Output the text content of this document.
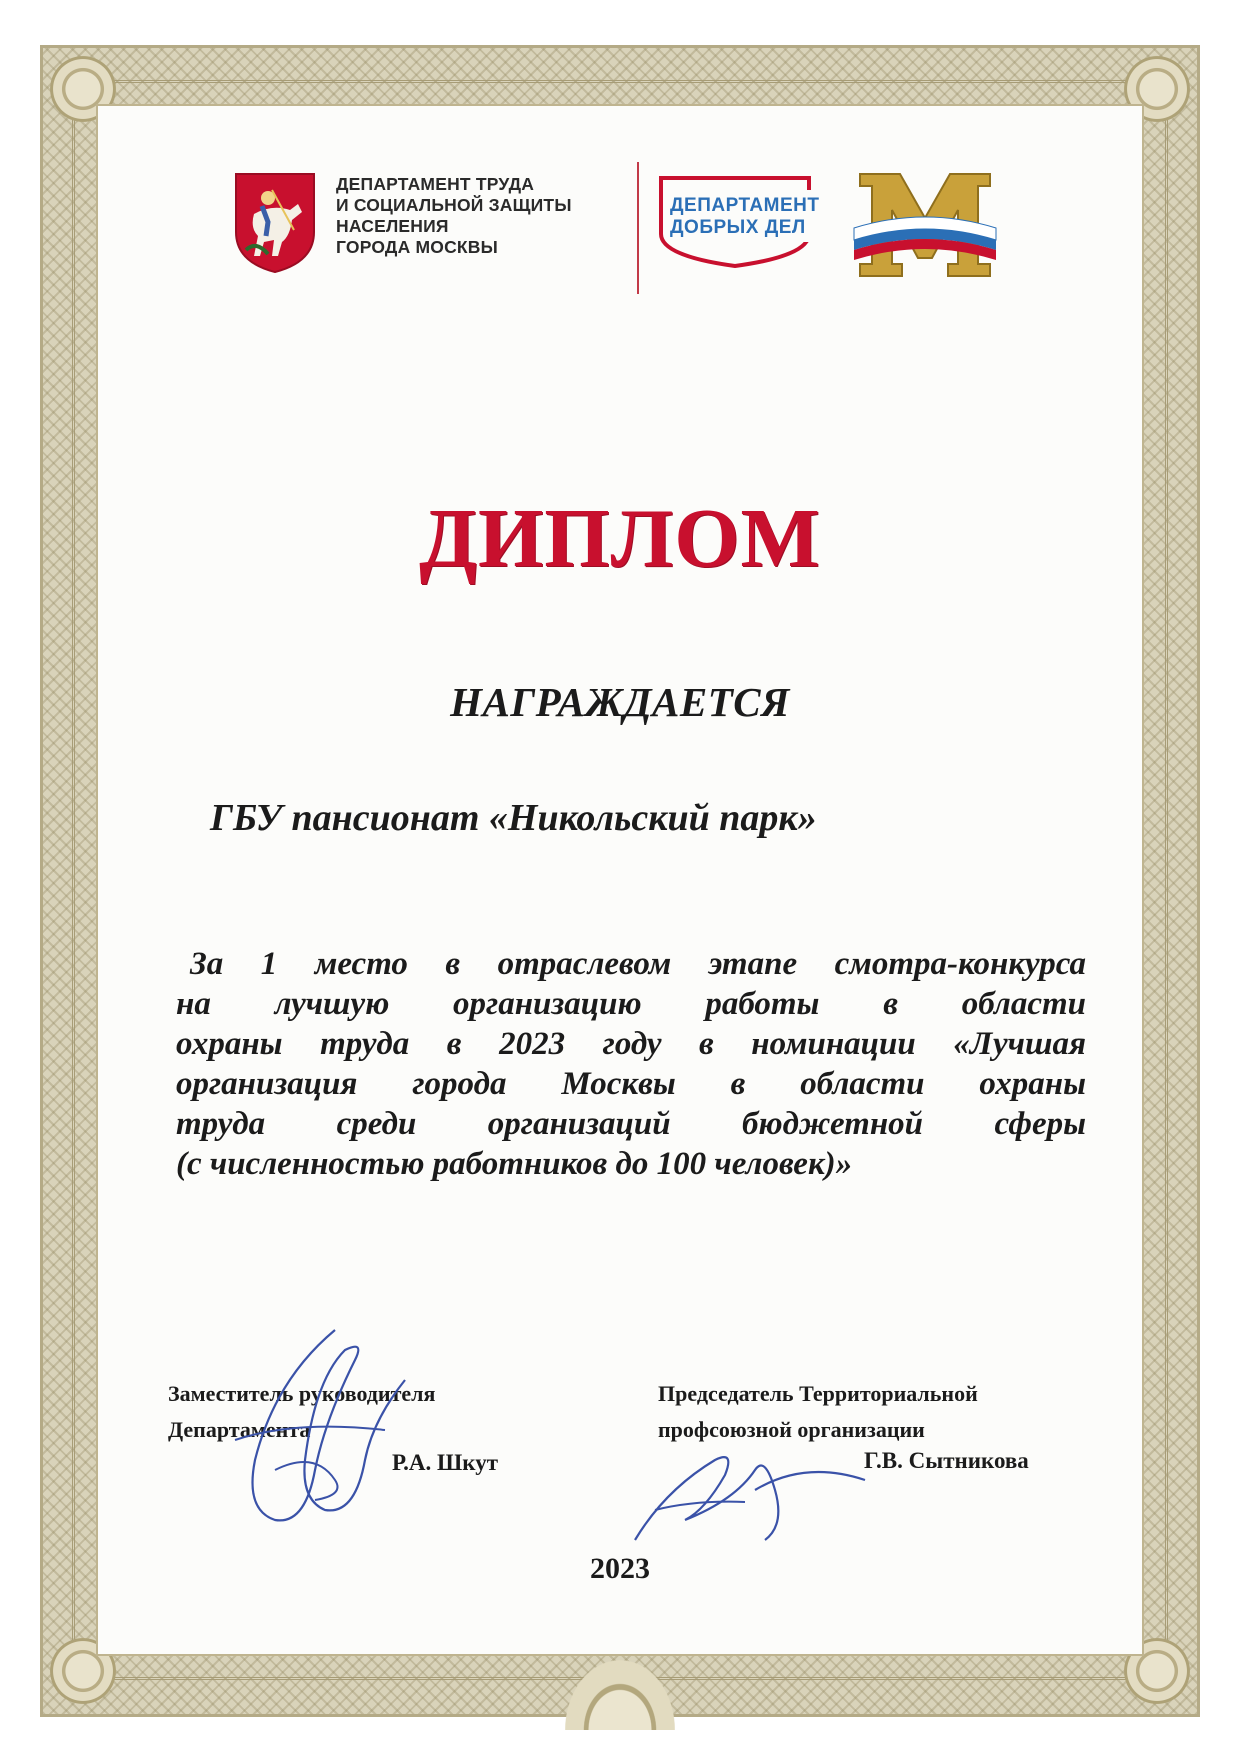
ДЕПАРТАМЕНТ ТРУДА
И СОЦИАЛЬНОЙ ЗАЩИТЫ
НАСЕЛЕНИЯ
ГОРОДА МОСКВЫ
ДЕПАРТАМЕНТ
ДОБРЫХ ДЕЛ
ДИПЛОМ
НАГРАЖДАЕТСЯ
ГБУ пансионат «Никольский парк»
За 1 место в отраслевом этапе смотра-конкурса
на лучшую организацию работы в области
охраны труда в 2023 году в номинации «Лучшая
организация города Москвы в области охраны
труда среди организаций бюджетной сферы
(с численностью работников до 100 человек)»
Заместитель руководителя
Департамента
Р.А. Шкут
Председатель Территориальной
профсоюзной организации
Г.В. Сытникова
2023
